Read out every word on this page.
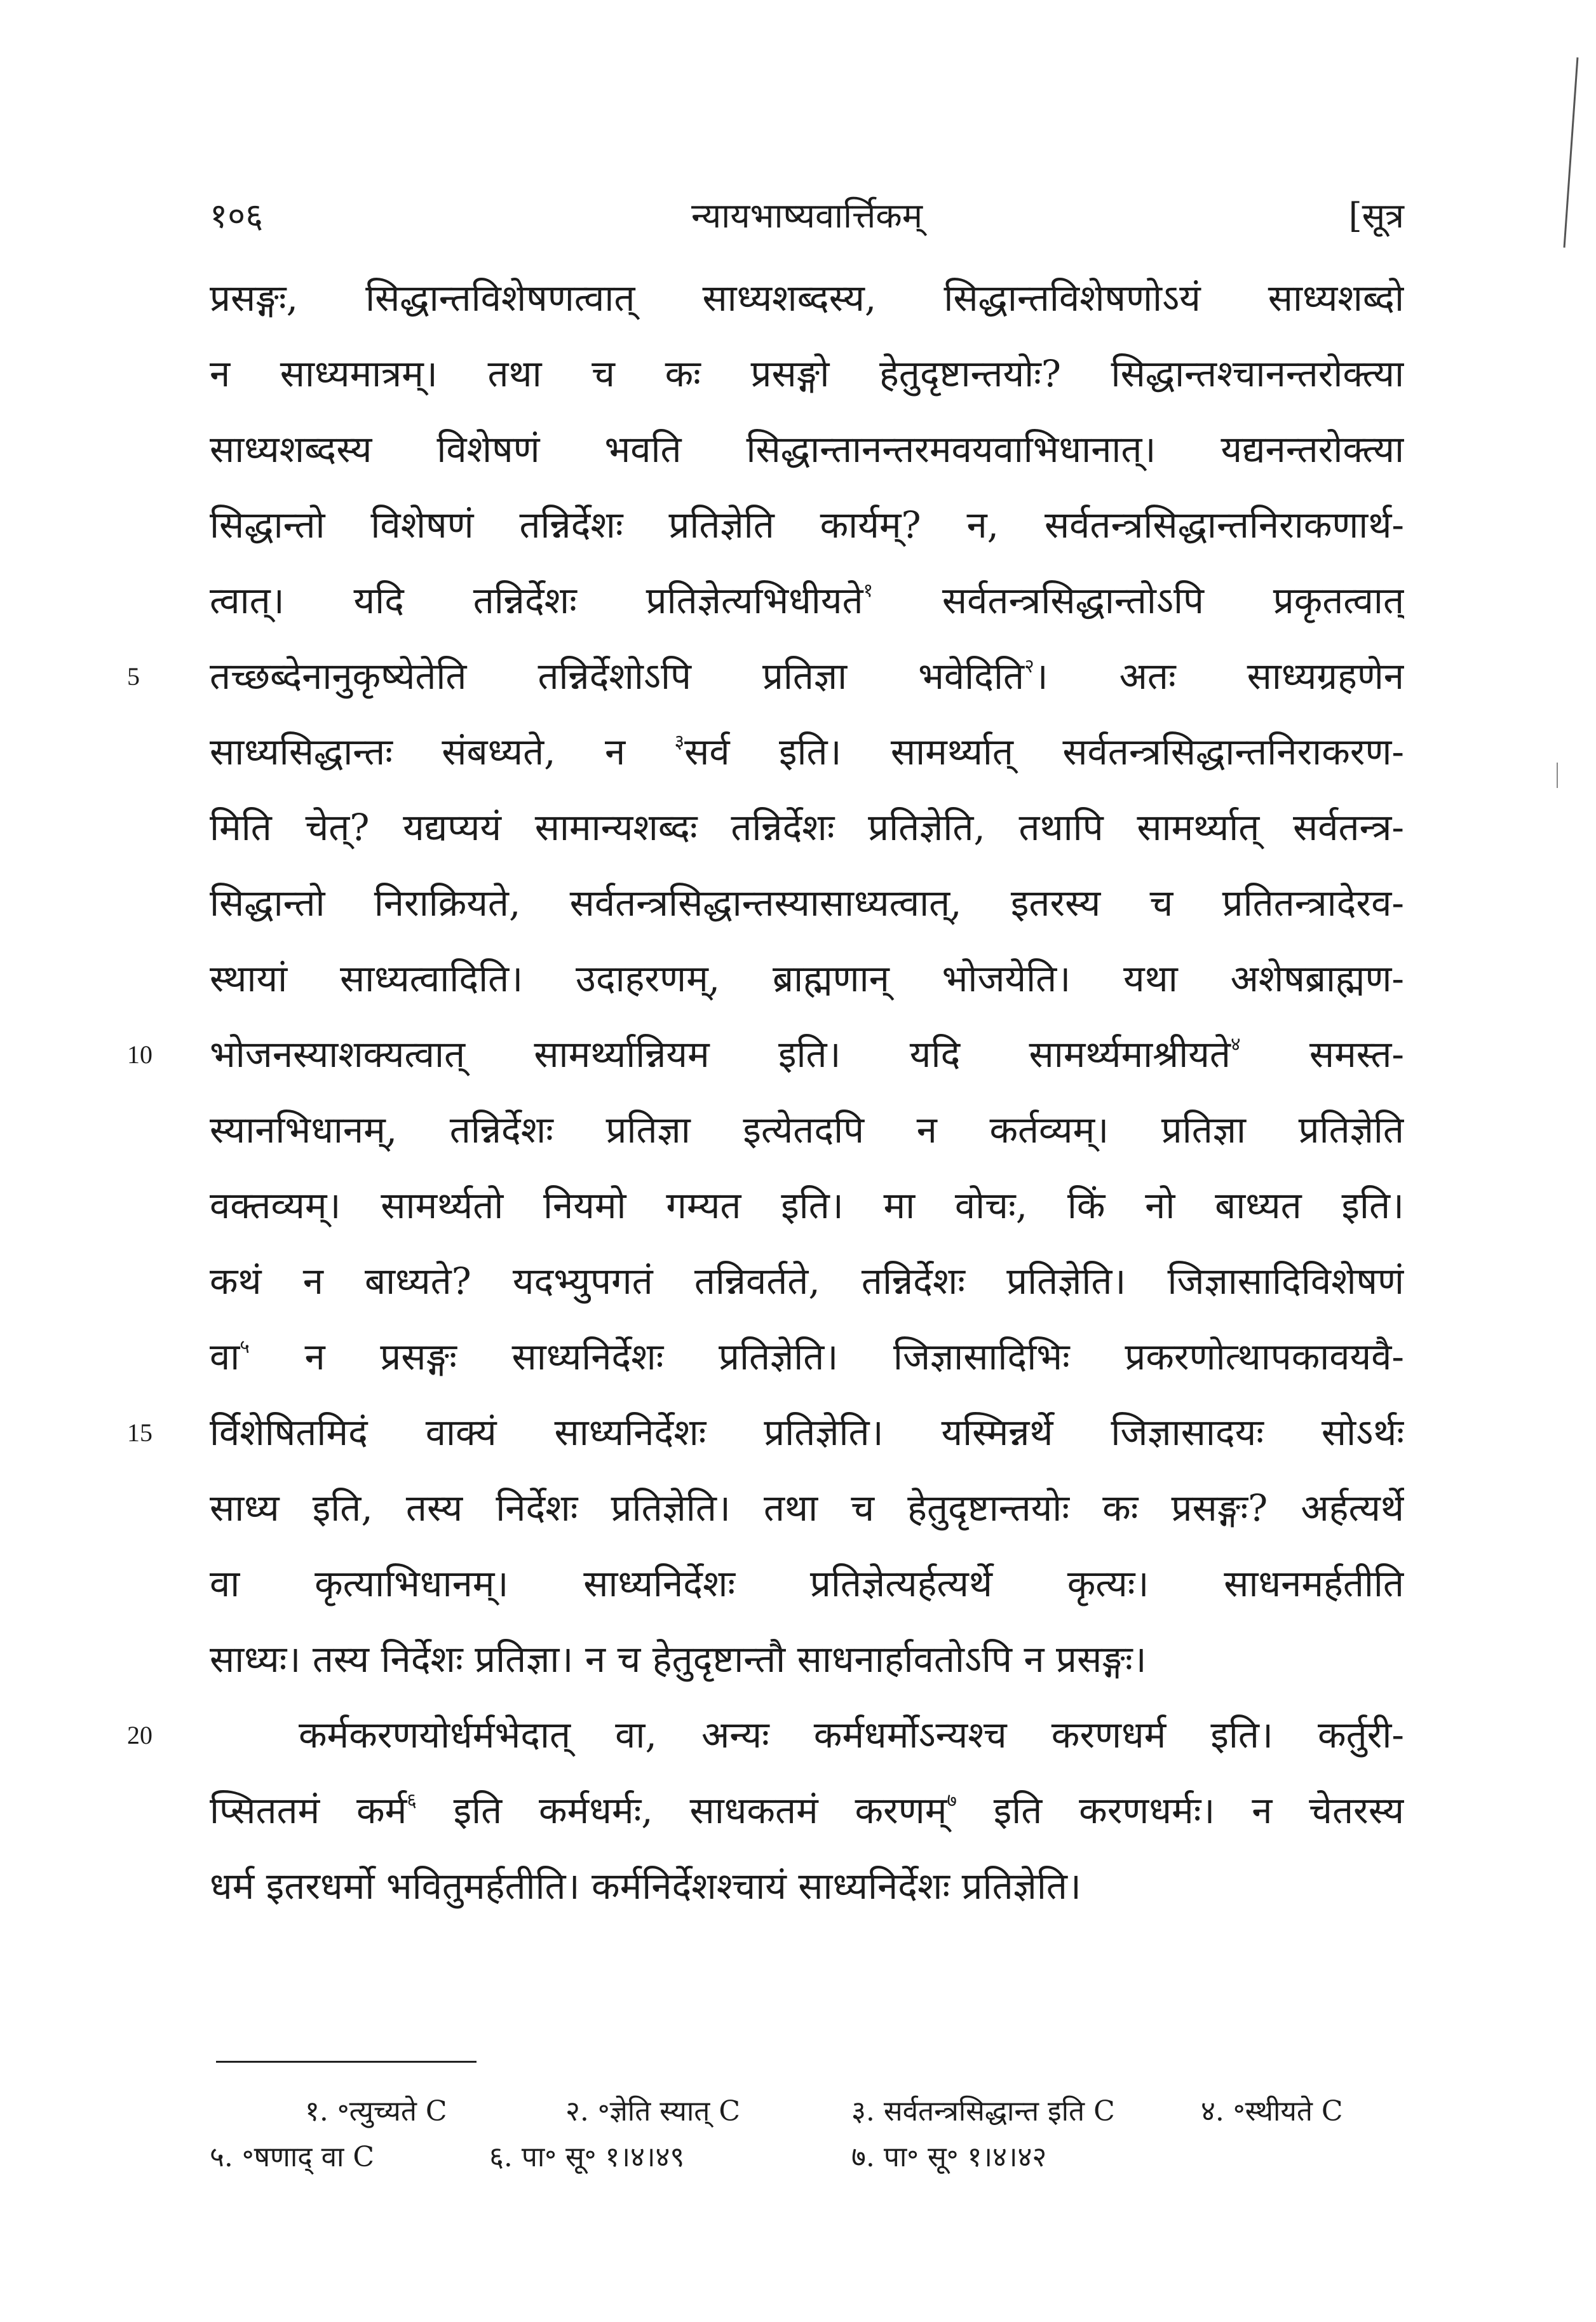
१०६	न्यायभाष्यवार्त्तिकम्	[सूत्र
प्रसङ्गः, सिद्धान्तविशेषणत्वात् साध्यशब्दस्य, सिद्धान्तविशेषणोऽयं साध्यशब्दो
न साध्यमात्रम्। तथा च कः प्रसङ्गो हेतुदृष्टान्तयोः? सिद्धान्तश्चानन्तरोक्त्या
साध्यशब्दस्य विशेषणं भवति सिद्धान्तानन्तरमवयवाभिधानात्। यद्यनन्तरोक्त्या
सिद्धान्तो विशेषणं तन्निर्देशः प्रतिज्ञेति कार्यम्? न, सर्वतन्त्रसिद्धान्तनिराकणार्थ-
त्वात्। यदि तन्निर्देशः प्रतिज्ञेत्यभिधीयते$^१$ सर्वतन्त्रसिद्धान्तोऽपि प्रकृतत्वात्
तच्छब्देनानुकृष्येतेति तन्निर्देशोऽपि प्रतिज्ञा भवेदिति$^२$। अतः साध्यग्रहणेन
साध्यसिद्धान्तः संबध्यते, न $^३$सर्व इति। सामर्थ्यात् सर्वतन्त्रसिद्धान्तनिराकरण-
मिति चेत्? यद्यप्ययं सामान्यशब्दः तन्निर्देशः प्रतिज्ञेति, तथापि सामर्थ्यात् सर्वतन्त्र-
सिद्धान्तो निराक्रियते, सर्वतन्त्रसिद्धान्तस्यासाध्यत्वात्, इतरस्य च प्रतितन्त्रादेरव-
स्थायां साध्यत्वादिति। उदाहरणम्, ब्राह्मणान् भोजयेति। यथा अशेषब्राह्मण-
भोजनस्याशक्यत्वात् सामर्थ्यान्नियम इति। यदि सामर्थ्यमाश्रीयते$^४$ समस्त-
स्यानभिधानम्, तन्निर्देशः प्रतिज्ञा इत्येतदपि न कर्तव्यम्। प्रतिज्ञा प्रतिज्ञेति
वक्तव्यम्। सामर्थ्यतो नियमो गम्यत इति। मा वोचः, किं नो बाध्यत इति।
कथं न बाध्यते? यदभ्युपगतं तन्निवर्तते, तन्निर्देशः प्रतिज्ञेति। जिज्ञासादिविशेषणं
वा$^५$ न प्रसङ्गः साध्यनिर्देशः प्रतिज्ञेति। जिज्ञासादिभिः प्रकरणोत्थापकावयवै-
र्विशेषितमिदं वाक्यं साध्यनिर्देशः प्रतिज्ञेति। यस्मिन्नर्थे जिज्ञासादयः सोऽर्थः
साध्य इति, तस्य निर्देशः प्रतिज्ञेति। तथा च हेतुदृष्टान्तयोः कः प्रसङ्गः? अर्हत्यर्थे
वा कृत्याभिधानम्। साध्यनिर्देशः प्रतिज्ञेत्यर्हत्यर्थे कृत्यः। साधनमर्हतीति
साध्यः। तस्य निर्देशः प्रतिज्ञा। न च हेतुदृष्टान्तौ साधनार्हावतोऽपि न प्रसङ्गः।
कर्मकरणयोर्धर्मभेदात् वा, अन्यः कर्मधर्मोऽन्यश्च करणधर्म इति। कर्तुरी-
प्सिततमं कर्म$^६$ इति कर्मधर्मः, साधकतमं करणम्$^७$ इति करणधर्मः। न चेतरस्य
धर्म इतरधर्मो भवितुमर्हतीति। कर्मनिर्देशश्चायं साध्यनिर्देशः प्रतिज्ञेति।
5
10
15
20
१. ॰त्युच्यते C	२. ॰ज्ञेति स्यात् C	३. सर्वतन्त्रसिद्धान्त इति C	४. ॰स्थीयते C
५. ॰षणाद् वा C	६. पा॰ सू॰ १।४।४९	७. पा॰ सू॰ १।४।४२
